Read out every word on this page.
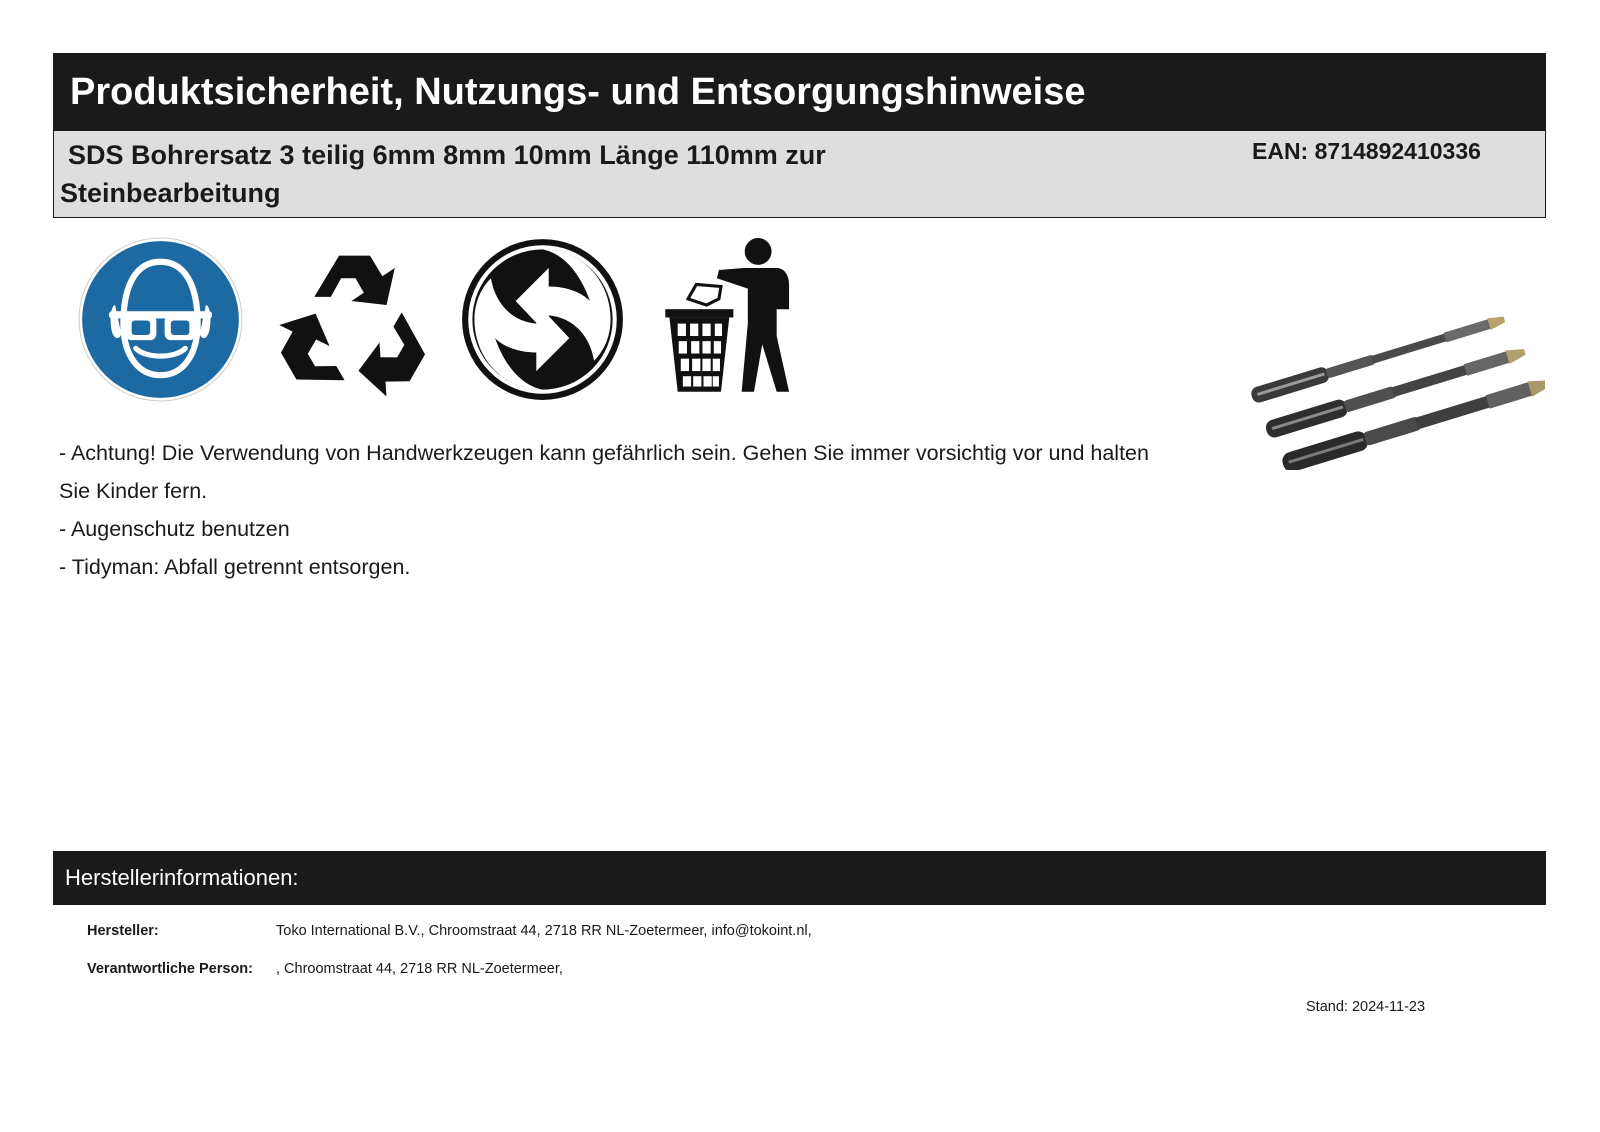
Produktsicherheit, Nutzungs- und Entsorgungshinweise
SDS Bohrersatz 3 teilig 6mm 8mm 10mm Länge 110mm zur Steinbearbeitung
EAN: 8714892410336

- Achtung! Die Verwendung von Handwerkzeugen kann gefährlich sein. Gehen Sie immer vorsichtig vor und halten Sie Kinder fern.

- Augenschutz benutzen

- Tidyman: Abfall getrennt entsorgen.

Herstellerinformationen:
Hersteller:	Toko International B.V., Chroomstraat 44, 2718 RR NL-Zoetermeer, info@tokoint.nl,
Verantwortliche Person: , Chroomstraat 44, 2718 RR NL-Zoetermeer,
Stand: 2024-11-23
